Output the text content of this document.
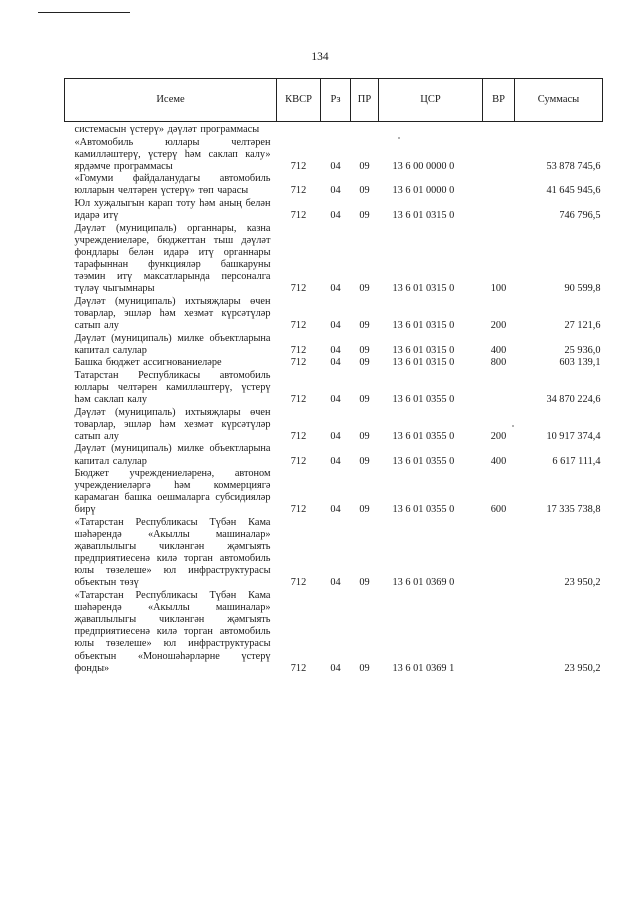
134
Исеме	КВСР	Рз	ПР	ЦСР	ВР	Суммасы
системасын үстерү» дәүләт программасы						
«Автомобиль юллары челтәрен камилләштерү, үстерү һәм саклап калу» ярдәмче программасы	712	04	09	13 6 00 0000 0		53 878 745,6
«Гомуми файдаланудагы автомобиль юлларын челтәрен үстерү» төп чарасы	712	04	09	13 6 01 0000 0		41 645 945,6
Юл хуҗалыгын карап тоту һәм аның белән идарә итү	712	04	09	13 6 01 0315 0		746 796,5
Дәүләт (муниципаль) органнары, казна учреждениеләре, бюджеттан тыш дәүләт фондлары белән идарә итү органнары тарафыннан функцияләр башкаруны тәэмин итү максатларында персоналга түләү чыгымнары	712	04	09	13 6 01 0315 0	100	90 599,8
Дәүләт (муниципаль) ихтыяҗлары өчен товарлар, эшләр һәм хезмәт күрсәтүләр сатып алу	712	04	09	13 6 01 0315 0	200	27 121,6
Дәүләт (муниципаль) милке объектларына капитал салулар	712	04	09	13 6 01 0315 0	400	25 936,0
Башка бюджет ассигнованиеләре	712	04	09	13 6 01 0315 0	800	603 139,1
Татарстан Республикасы автомобиль юллары челтәрен камилләштерү, үстерү һәм саклап калу	712	04	09	13 6 01 0355 0		34 870 224,6
Дәүләт (муниципаль) ихтыяҗлары өчен товарлар, эшләр һәм хезмәт күрсәтүләр сатып алу	712	04	09	13 6 01 0355 0	200	10 917 374,4
Дәүләт (муниципаль) милке объектларына капитал салулар	712	04	09	13 6 01 0355 0	400	6 617 111,4
Бюджет учреждениеләренә, автоном учреждениеләргә һәм коммерциягә карамаган башка оешмаларга субсидияләр бирү	712	04	09	13 6 01 0355 0	600	17 335 738,8
«Татарстан Республикасы Түбән Кама шәһәрендә «Акыллы машиналар» җаваплылыгы чикләнгән җәмгыять предприятиесенә килә торган автомобиль юлы төзелеше» юл инфраструктурасы объектын төзү	712	04	09	13 6 01 0369 0		23 950,2
«Татарстан Республикасы Түбән Кама шәһәрендә «Акыллы машиналар» җаваплылыгы чикләнгән җәмгыять предприятиесенә килә торган автомобиль юлы төзелеше» юл инфраструктурасы объектын «Моношәһәрләрне үстерү фонды»	712	04	09	13 6 01 0369 1		23 950,2
